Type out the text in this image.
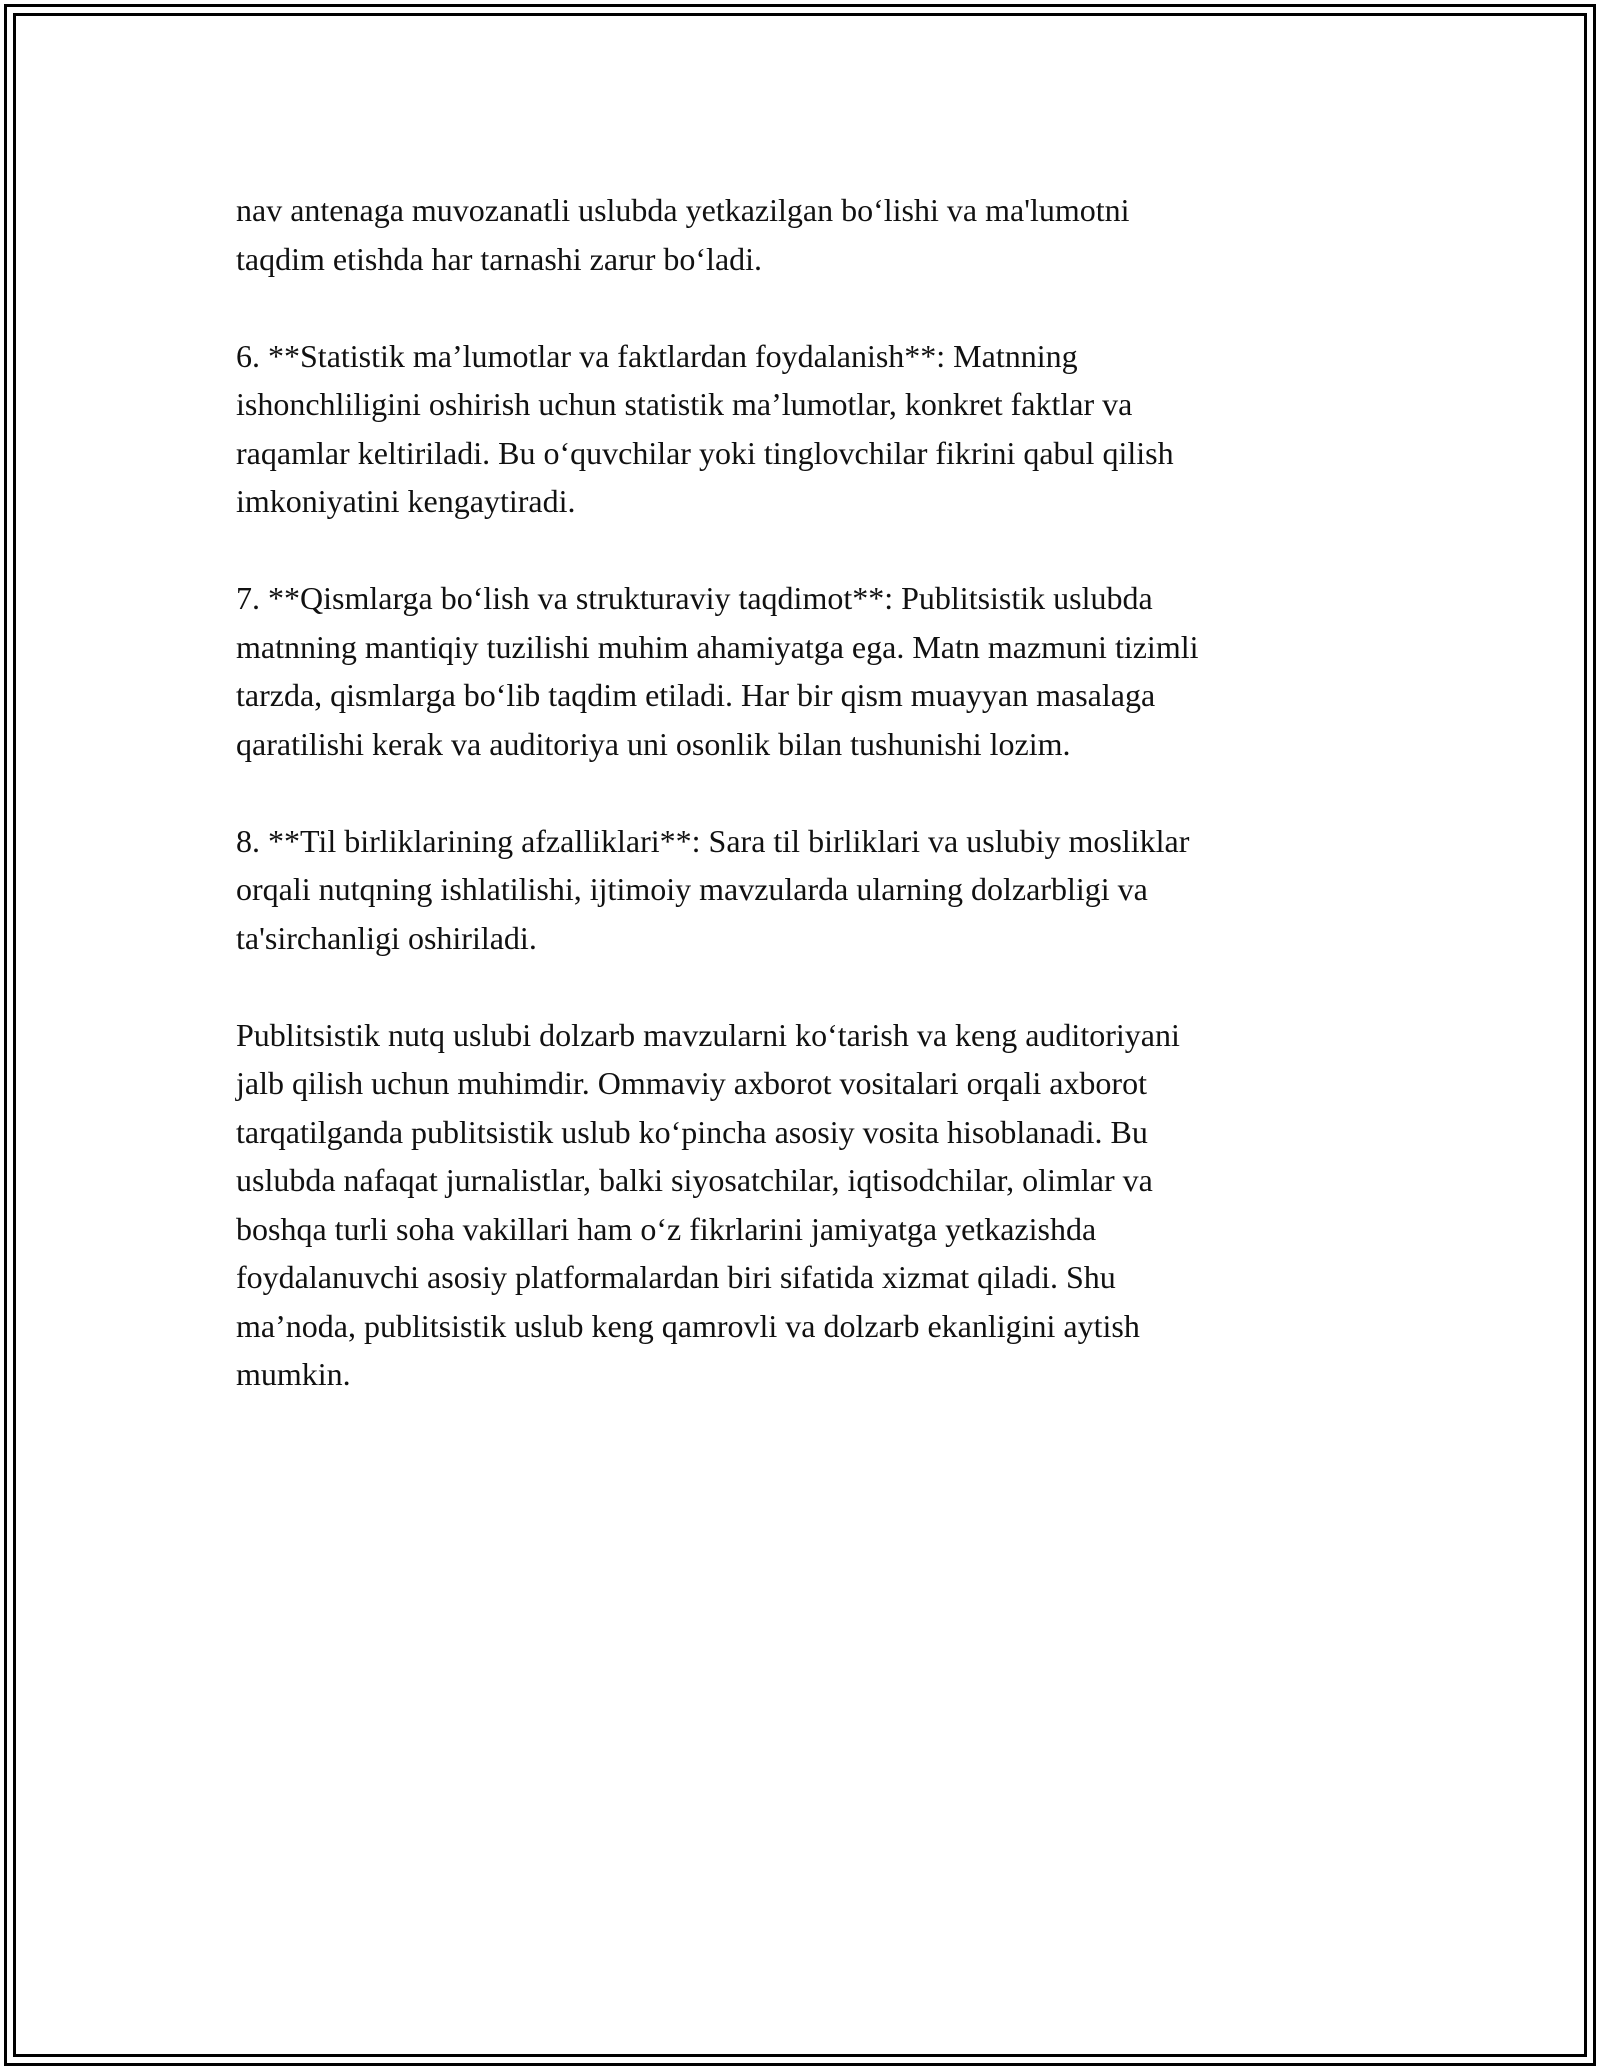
nav antenaga muvozanatli uslubda yetkazilgan bo‘lishi va ma'lumotni
taqdim etishda har tarnashi zarur bo‘ladi.

6. **Statistik ma’lumotlar va faktlardan foydalanish**: Matnning
ishonchliligini oshirish uchun statistik ma’lumotlar, konkret faktlar va
raqamlar keltiriladi. Bu o‘quvchilar yoki tinglovchilar fikrini qabul qilish
imkoniyatini kengaytiradi.

7. **Qismlarga bo‘lish va strukturaviy taqdimot**: Publitsistik uslubda
matnning mantiqiy tuzilishi muhim ahamiyatga ega. Matn mazmuni tizimli
tarzda, qismlarga bo‘lib taqdim etiladi. Har bir qism muayyan masalaga
qaratilishi kerak va auditoriya uni osonlik bilan tushunishi lozim.

8. **Til birliklarining afzalliklari**: Sara til birliklari va uslubiy mosliklar
orqali nutqning ishlatilishi, ijtimoiy mavzularda ularning dolzarbligi va
ta'sirchanligi oshiriladi.

Publitsistik nutq uslubi dolzarb mavzularni ko‘tarish va keng auditoriyani
jalb qilish uchun muhimdir. Ommaviy axborot vositalari orqali axborot
tarqatilganda publitsistik uslub ko‘pincha asosiy vosita hisoblanadi. Bu
uslubda nafaqat jurnalistlar, balki siyosatchilar, iqtisodchilar, olimlar va
boshqa turli soha vakillari ham o‘z fikrlarini jamiyatga yetkazishda
foydalanuvchi asosiy platformalardan biri sifatida xizmat qiladi. Shu
ma’noda, publitsistik uslub keng qamrovli va dolzarb ekanligini aytish
mumkin.
